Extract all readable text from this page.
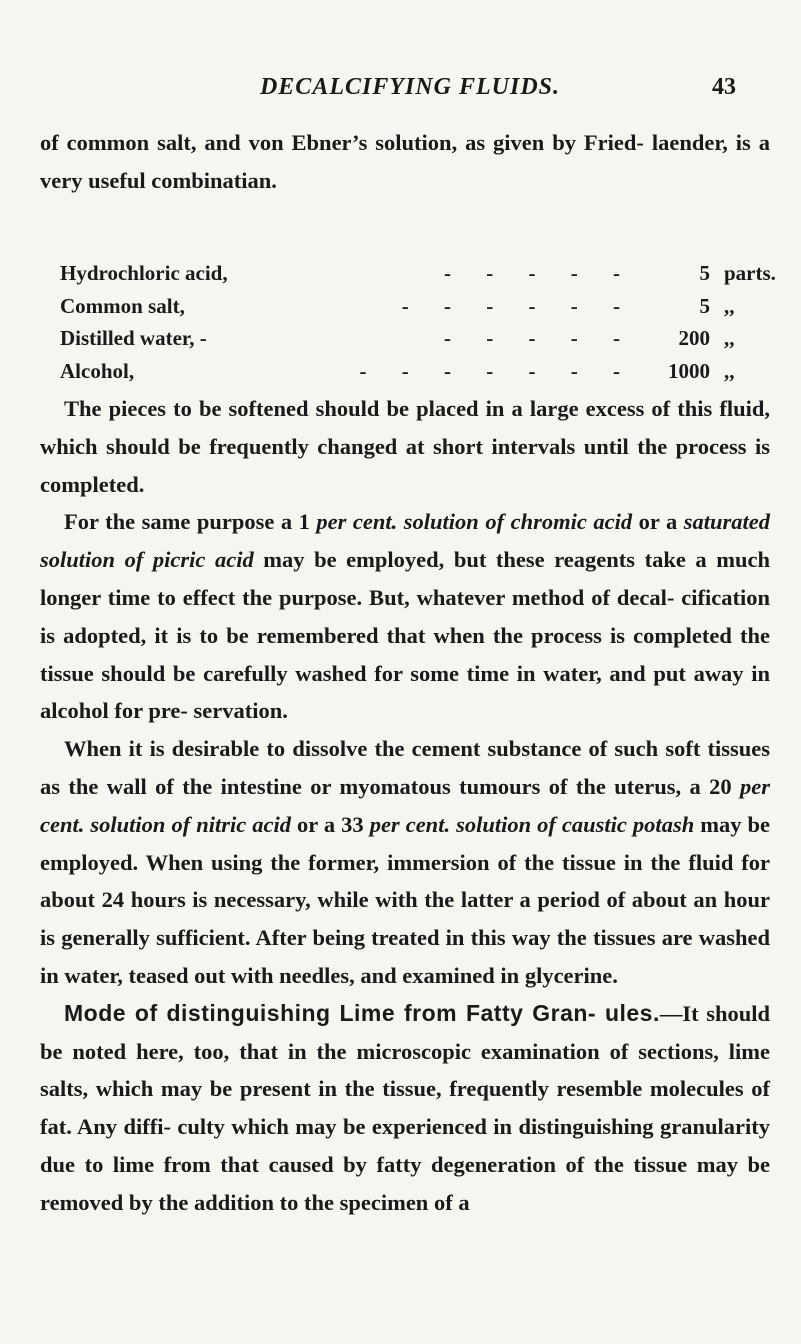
DECALCIFYING FLUIDS.	43

of common salt, and von Ebner’s solution, as given by Fried- laender, is a very useful combinatian.

Hydrochloric acid,	- - - - -	5 parts.
Common salt,	- - - - - -	5 ,,
Distilled water, -	- - - - -	200 ,,
Alcohol,	- - - - - - -	1000 ,,

The pieces to be softened should be placed in a large excess of this fluid, which should be frequently changed at short intervals until the process is completed.

For the same purpose a 1 per cent. solution of chromic acid or a saturated solution of picric acid may be employed, but these reagents take a much longer time to effect the purpose. But, whatever method of decal- cification is adopted, it is to be remembered that when the process is completed the tissue should be carefully washed for some time in water, and put away in alcohol for pre- servation.

When it is desirable to dissolve the cement substance of such soft tissues as the wall of the intestine or myomatous tumours of the uterus, a 20 per cent. solution of nitric acid or a 33 per cent. solution of caustic potash may be employed. When using the former, immersion of the tissue in the fluid for about 24 hours is necessary, while with the latter a period of about an hour is generally sufficient. After being treated in this way the tissues are washed in water, teased out with needles, and examined in glycerine.

Mode of distinguishing Lime from Fatty Gran- ules.—It should be noted here, too, that in the microscopic examination of sections, lime salts, which may be present in the tissue, frequently resemble molecules of fat. Any diffi- culty which may be experienced in distinguishing granularity due to lime from that caused by fatty degeneration of the tissue may be removed by the addition to the specimen of a
